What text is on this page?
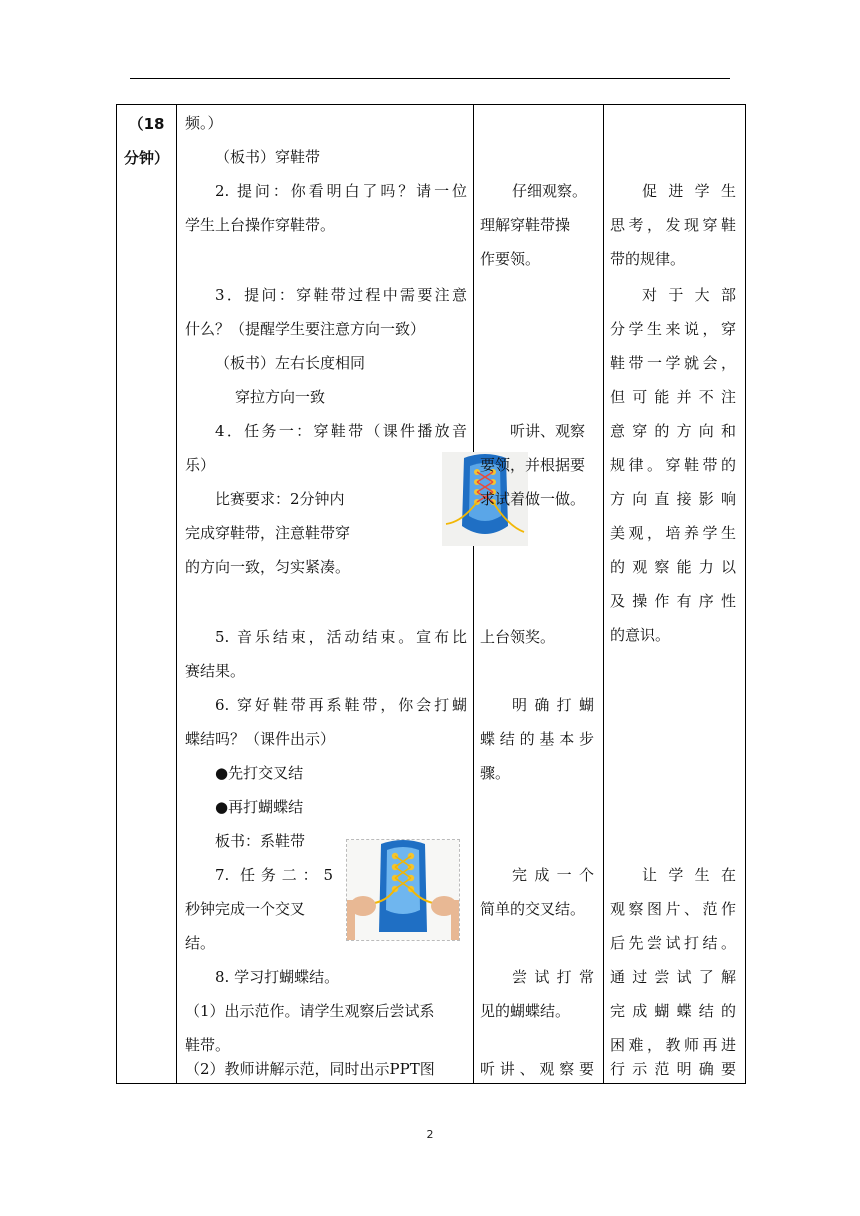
（18
分钟）

频。）
（板书）穿鞋带
2. 提问：你看明白了吗？请一位
学生上台操作穿鞋带。
3．提问：穿鞋带过程中需要注意
什么？（提醒学生要注意方向一致）
（板书）左右长度相同
穿拉方向一致
4．任务一：穿鞋带（课件播放音
乐）
比赛要求：2分钟内
完成穿鞋带，注意鞋带穿
的方向一致，匀实紧凑。
5. 音乐结束，活动结束。宣布比
赛结果。
6. 穿好鞋带再系鞋带，你会打蝴
蝶结吗？（课件出示）
●先打交叉结
●再打蝴蝶结
板书：系鞋带
7. 任务二：5
秒钟完成一个交叉
结。
8. 学习打蝴蝶结。
（1）出示范作。请学生观察后尝试系
鞋带。
（2）教师讲解示范，同时出示PPT图

仔细观察。
理解穿鞋带操
作要领。
听讲、观察
要领，并根据要
求试着做一做。
上台领奖。
明确打蝴
蝶结的基本步
骤。
完成一个
简单的交叉结。
尝试打常
见的蝴蝶结。
听讲、观察要

促进学生
思考，发现穿鞋
带的规律。
对于大部
分学生来说，穿
鞋带一学就会，
但可能并不注
意穿的方向和
规律。穿鞋带的
方向直接影响
美观，培养学生
的观察能力以
及操作有序性
的意识。
让学生在
观察图片、范作
后先尝试打结。
通过尝试了解
完成蝴蝶结的
困难，教师再进
行示范明确要
2
